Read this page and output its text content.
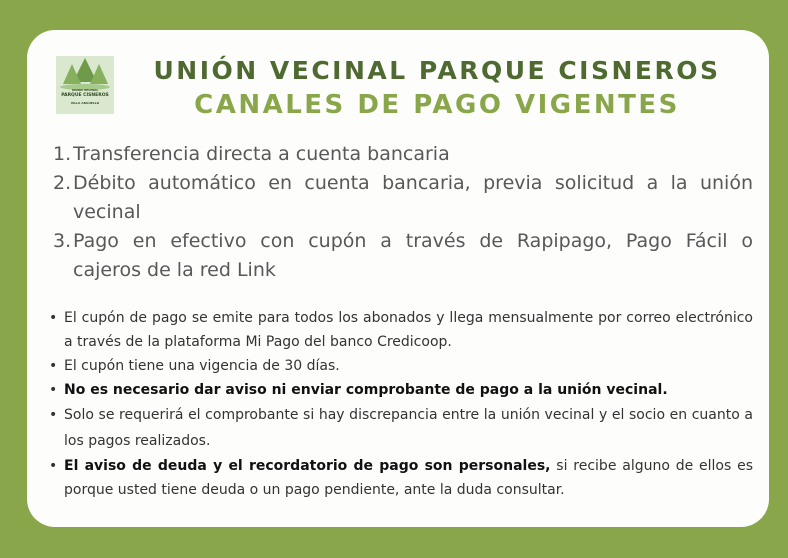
UNION VECINAL
PARQUE CISNEROS
VILLA ARGUELLO
UNIÓN VECINAL PARQUE CISNEROS
CANALES DE PAGO VIGENTES
1. Transferencia directa a cuenta bancaria
2. Débito automático en cuenta bancaria, previa solicitud a la unión
vecinal
3. Pago en efectivo con cupón a través de Rapipago, Pago Fácil o
cajeros de la red Link
• El cupón de pago se emite para todos los abonados y llega mensualmente por correo electrónico a través de la plataforma Mi Pago del banco Credicoop.
• El cupón tiene una vigencia de 30 días.
• No es necesario dar aviso ni enviar comprobante de pago a la unión vecinal.
• Solo se requerirá el comprobante si hay discrepancia entre la unión vecinal y el socio en cuanto a los pagos realizados.
• El aviso de deuda y el recordatorio de pago son personales, si recibe alguno de ellos es porque usted tiene deuda o un pago pendiente, ante la duda consultar.
